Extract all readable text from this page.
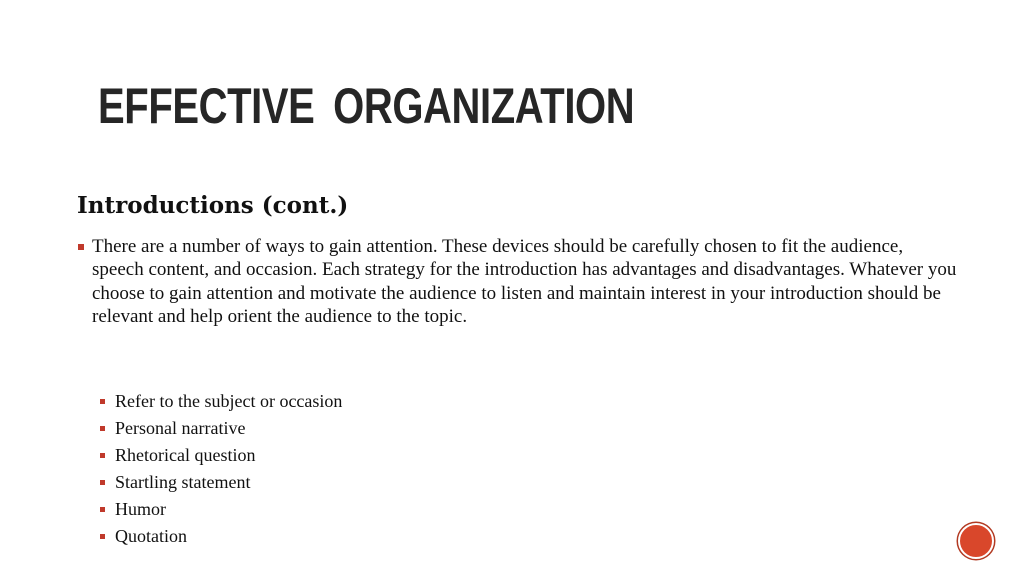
EFFECTIVE ORGANIZATION
Introductions (cont.)
There are a number of ways to gain attention. These devices should be carefully chosen to fit the audience, speech content, and occasion. Each strategy for the introduction has advantages and disadvantages. Whatever you choose to gain attention and motivate the audience to listen and maintain interest in your introduction should be relevant and help orient the audience to the topic.
Refer to the subject or occasion
Personal narrative
Rhetorical question
Startling statement
Humor
Quotation
